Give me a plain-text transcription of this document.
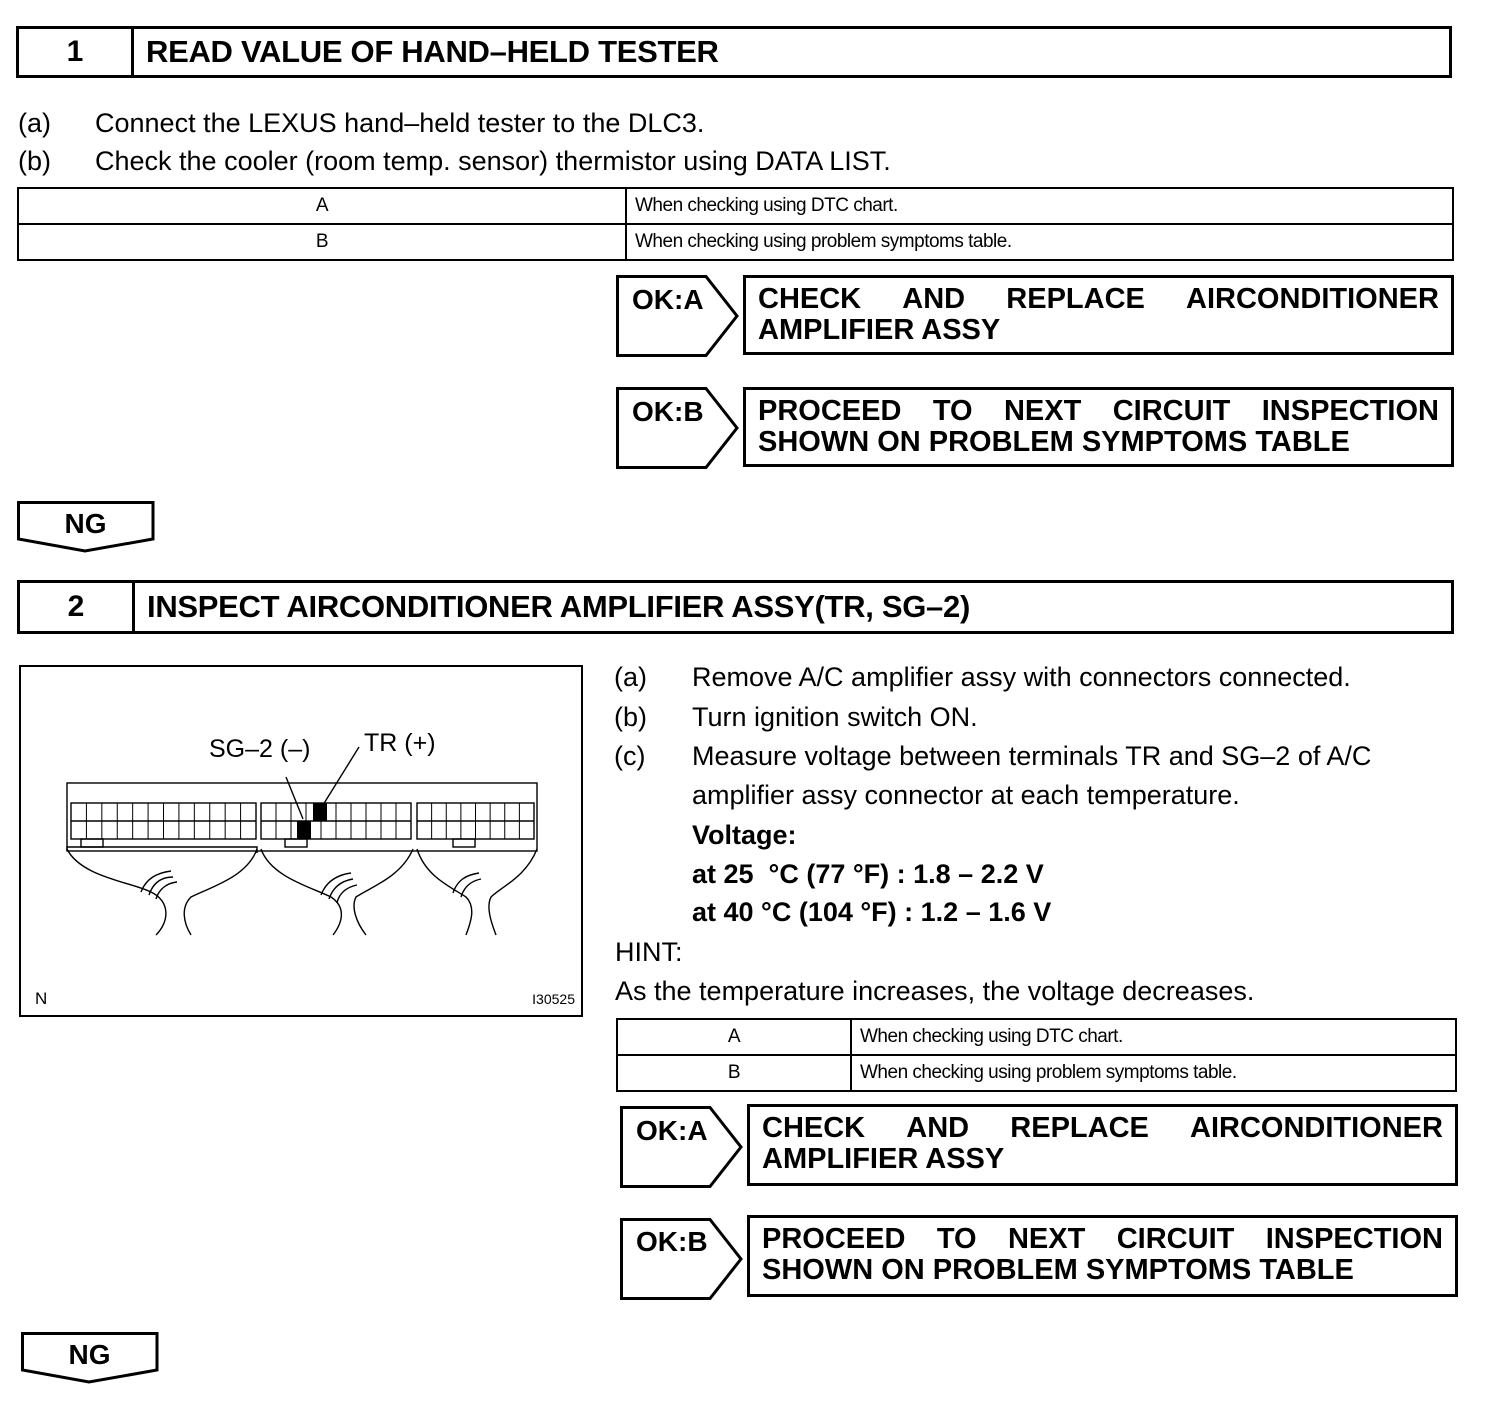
1	READ VALUE OF HAND–HELD TESTER
(a) Connect the LEXUS hand–held tester to the DLC3.
(b) Check the cooler (room temp. sensor) thermistor using DATA LIST.
A	When checking using DTC chart.
B	When checking using problem symptoms table.
OK:A CHECK AND REPLACE AIRCONDITIONER
AMPLIFIER ASSY
OK:B PROCEED TO NEXT CIRCUIT INSPECTION
SHOWN ON PROBLEM SYMPTOMS TABLE
NG
2	INSPECT AIRCONDITIONER AMPLIFIER ASSY(TR, SG–2)
SG–2 (–) TR (+)
N	I30525
(a) Remove A/C amplifier assy with connectors connected.
(b) Turn ignition switch ON.
(c) Measure voltage between terminals TR and SG–2 of A/C
amplifier assy connector at each temperature.
Voltage:
at 25  °C (77 °F) : 1.8 – 2.2 V
at 40 °C (104 °F) : 1.2 – 1.6 V
HINT:
As the temperature increases, the voltage decreases.
A	When checking using DTC chart.
B	When checking using problem symptoms table.
OK:A CHECK AND REPLACE AIRCONDITIONER
AMPLIFIER ASSY
OK:B PROCEED TO NEXT CIRCUIT INSPECTION
SHOWN ON PROBLEM SYMPTOMS TABLE
NG
